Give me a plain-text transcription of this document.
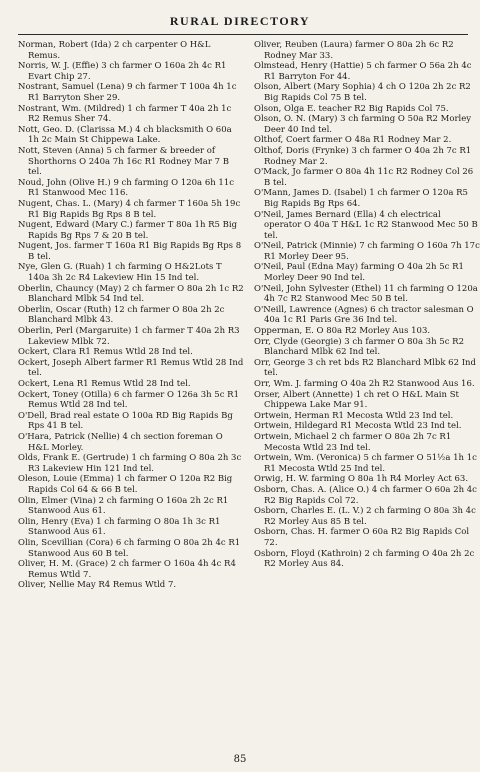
RURAL DIRECTORY

Norman, Robert (Ida) 2 ch carpenter O H&L Remus.

Norris, W. J. (Effie) 3 ch farmer O 160a 2h 4c R1 Evart Chip 27.

Nostrant, Samuel (Lena) 9 ch farmer T 100a 4h 1c R1 Barryton Sher 29.

Nostrant, Wm. (Mildred) 1 ch farmer T 40a 2h 1c R2 Remus Sher 74.

Nott, Geo. D. (Clarissa M.) 4 ch blacksmith O 60a 1h 2c Main St Chippewa Lake.

Nott, Steven (Anna) 5 ch farmer & breeder of Shorthorns O 240a 7h 16c R1 Rodney Mar 7 B tel.

Noud, John (Olive H.) 9 ch farming O 120a 6h 11c R1 Stanwood Mec 116.

Nugent, Chas. L. (Mary) 4 ch farmer T 160a 5h 19c R1 Big Rapids Bg Rps 8 B tel.

Nugent, Edward (Mary C.) farmer T 80a 1h R5 Big Rapids Bg Rps 7 & 20 B tel.

Nugent, Jos. farmer T 160a R1 Big Rapids Bg Rps 8 B tel.

Nye, Glen G. (Ruah) 1 ch farming O H&2Lots T 140a 3h 2c R4 Lakeview Hin 15 Ind tel.

Oberlin, Chauncy (May) 2 ch farmer O 80a 2h 1c R2 Blanchard Mlbk 54 Ind tel.

Oberlin, Oscar (Ruth) 12 ch farmer O 80a 2h 2c Blanchard Mlbk 43.

Oberlin, Perl (Margaruite) 1 ch farmer T 40a 2h R3 Lakeview Mlbk 72.

Ockert, Clara R1 Remus Wtld 28 Ind tel.

Ockert, Joseph Albert farmer R1 Remus Wtld 28 Ind tel.

Ockert, Lena R1 Remus Wtld 28 Ind tel.

Ockert, Toney (Otilla) 6 ch farmer O 126a 3h 5c R1 Remus Wtld 28 Ind tel.

O'Dell, Brad real estate O 100a RD Big Rapids Bg Rps 41 B tel.

O'Hara, Patrick (Nellie) 4 ch section foreman O H&L Morley.

Olds, Frank E. (Gertrude) 1 ch farming O 80a 2h 3c R3 Lakeview Hin 121 Ind tel.

Oleson, Louie (Emma) 1 ch farmer O 120a R2 Big Rapids Col 64 & 66 B tel.

Olin, Elmer (Vina) 2 ch farming O 160a 2h 2c R1 Stanwood Aus 61.

Olin, Henry (Eva) 1 ch farming O 80a 1h 3c R1 Stanwood Aus 61.

Olin, Scevillian (Cora) 6 ch farming O 80a 2h 4c R1 Stanwood Aus 60 B tel.

Oliver, H. M. (Grace) 2 ch farmer O 160a 4h 4c R4 Remus Wtld 7.

Oliver, Nellie May R4 Remus Wtld 7.

Oliver, Reuben (Laura) farmer O 80a 2h 6c R2 Rodney Mar 33.

Olmstead, Henry (Hattie) 5 ch farmer O 56a 2h 4c R1 Barryton For 44.

Olson, Albert (Mary Sophia) 4 ch O 120a 2h 2c R2 Big Rapids Col 75 B tel.

Olson, Olga E. teacher R2 Big Rapids Col 75.

Olson, O. N. (Mary) 3 ch farming O 50a R2 Morley Deer 40 Ind tel.

Olthof, Coert farmer O 48a R1 Rodney Mar 2.

Olthof, Doris (Frynke) 3 ch farmer O 40a 2h 7c R1 Rodney Mar 2.

O'Mack, Jo farmer O 80a 4h 11c R2 Rodney Col 26 B tel.

O'Mann, James D. (Isabel) 1 ch farmer O 120a R5 Big Rapids Bg Rps 64.

O'Neil, James Bernard (Ella) 4 ch electrical operator O 40a T H&L 1c R2 Stanwood Mec 50 B tel.

O'Neil, Patrick (Minnie) 7 ch farming O 160a 7h 17c R1 Morley Deer 95.

O'Neil, Paul (Edna May) farming O 40a 2h 5c R1 Morley Deer 90 Ind tel.

O'Neil, John Sylvester (Ethel) 11 ch farming O 120a 4h 7c R2 Stanwood Mec 50 B tel.

O'Neill, Lawrence (Agnes) 6 ch tractor salesman O 40a 1c R1 Paris Gre 36 Ind tel.

Opperman, E. O 80a R2 Morley Aus 103.

Orr, Clyde (Georgie) 3 ch farmer O 80a 3h 5c R2 Blanchard Mlbk 62 Ind tel.

Orr, George 3 ch ret bds R2 Blanchard Mlbk 62 Ind tel.

Orr, Wm. J. farming O 40a 2h R2 Stanwood Aus 16.

Orser, Albert (Annette) 1 ch ret O H&L Main St Chippewa Lake Mar 91.

Ortwein, Herman R1 Mecosta Wtld 23 Ind tel.

Ortwein, Hildegard R1 Mecosta Wtld 23 Ind tel.

Ortwein, Michael 2 ch farmer O 80a 2h 7c R1 Mecosta Wtld 23 Ind tel.

Ortwein, Wm. (Veronica) 5 ch farmer O 51½a 1h 1c R1 Mecosta Wtld 25 Ind tel.

Orwig, H. W. farming O 80a 1h R4 Morley Act 63.

Osborn, Chas. A. (Alice O.) 4 ch farmer O 60a 2h 4c R2 Big Rapids Col 72.

Osborn, Charles E. (L. V.) 2 ch farming O 80a 3h 4c R2 Morley Aus 85 B tel.

Osborn, Chas. H. farmer O 60a R2 Big Rapids Col 72.

Osborn, Floyd (Kathroin) 2 ch farming O 40a 2h 2c R2 Morley Aus 84.

85
